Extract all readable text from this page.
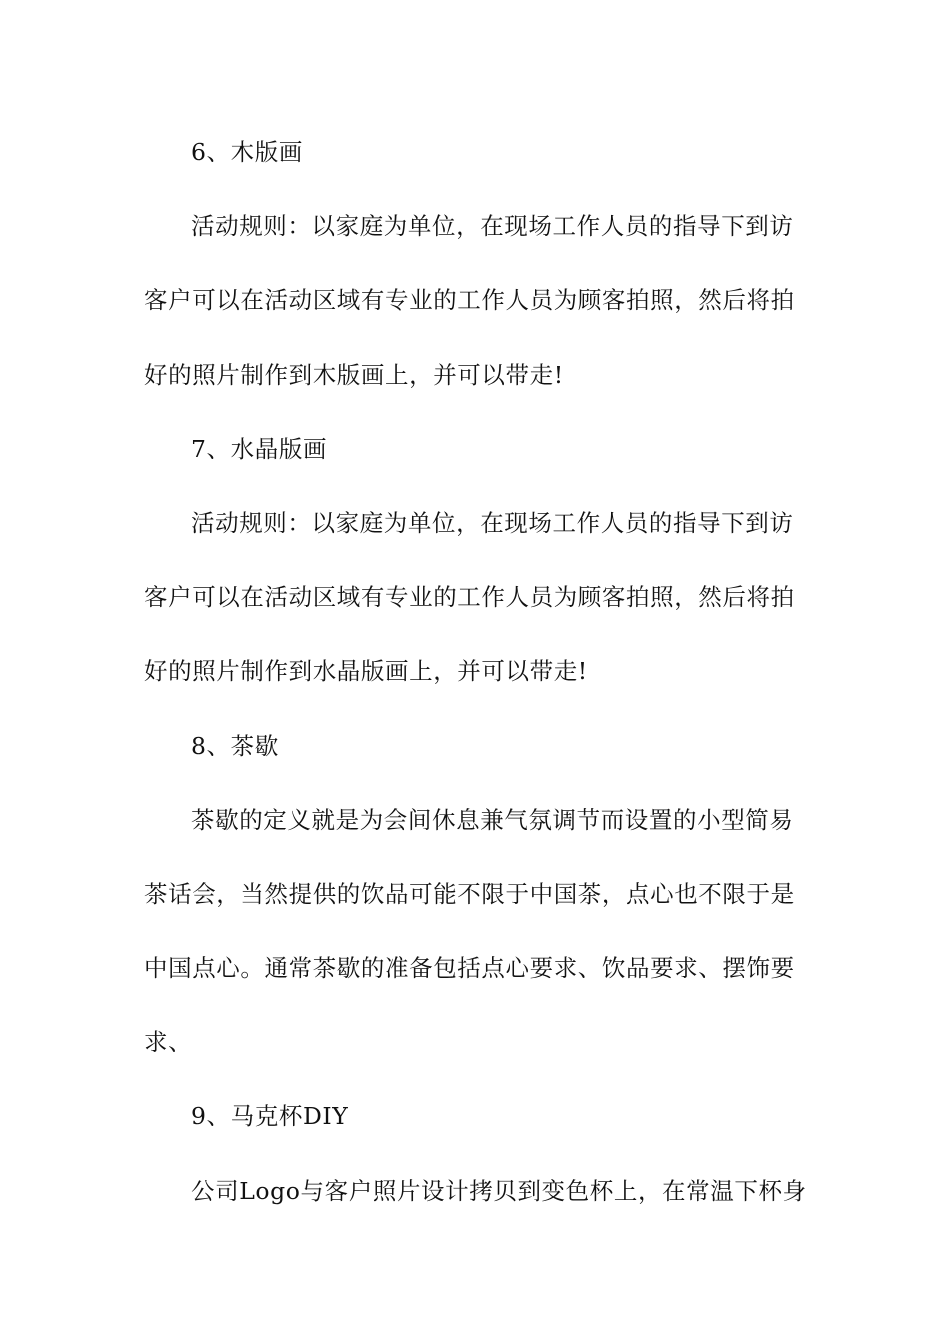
6、木版画
活动规则：以家庭为单位，在现场工作人员的指导下到访
客户可以在活动区域有专业的工作人员为顾客拍照，然后将拍
好的照片制作到木版画上，并可以带走!
7、水晶版画
活动规则：以家庭为单位，在现场工作人员的指导下到访
客户可以在活动区域有专业的工作人员为顾客拍照，然后将拍
好的照片制作到水晶版画上，并可以带走!
8、茶歇
茶歇的定义就是为会间休息兼气氛调节而设置的小型简易
茶话会，当然提供的饮品可能不限于中国茶，点心也不限于是
中国点心。通常茶歇的准备包括点心要求、饮品要求、摆饰要
求、
9、马克杯DIY
公司Logo与客户照片设计拷贝到变色杯上，在常温下杯身
